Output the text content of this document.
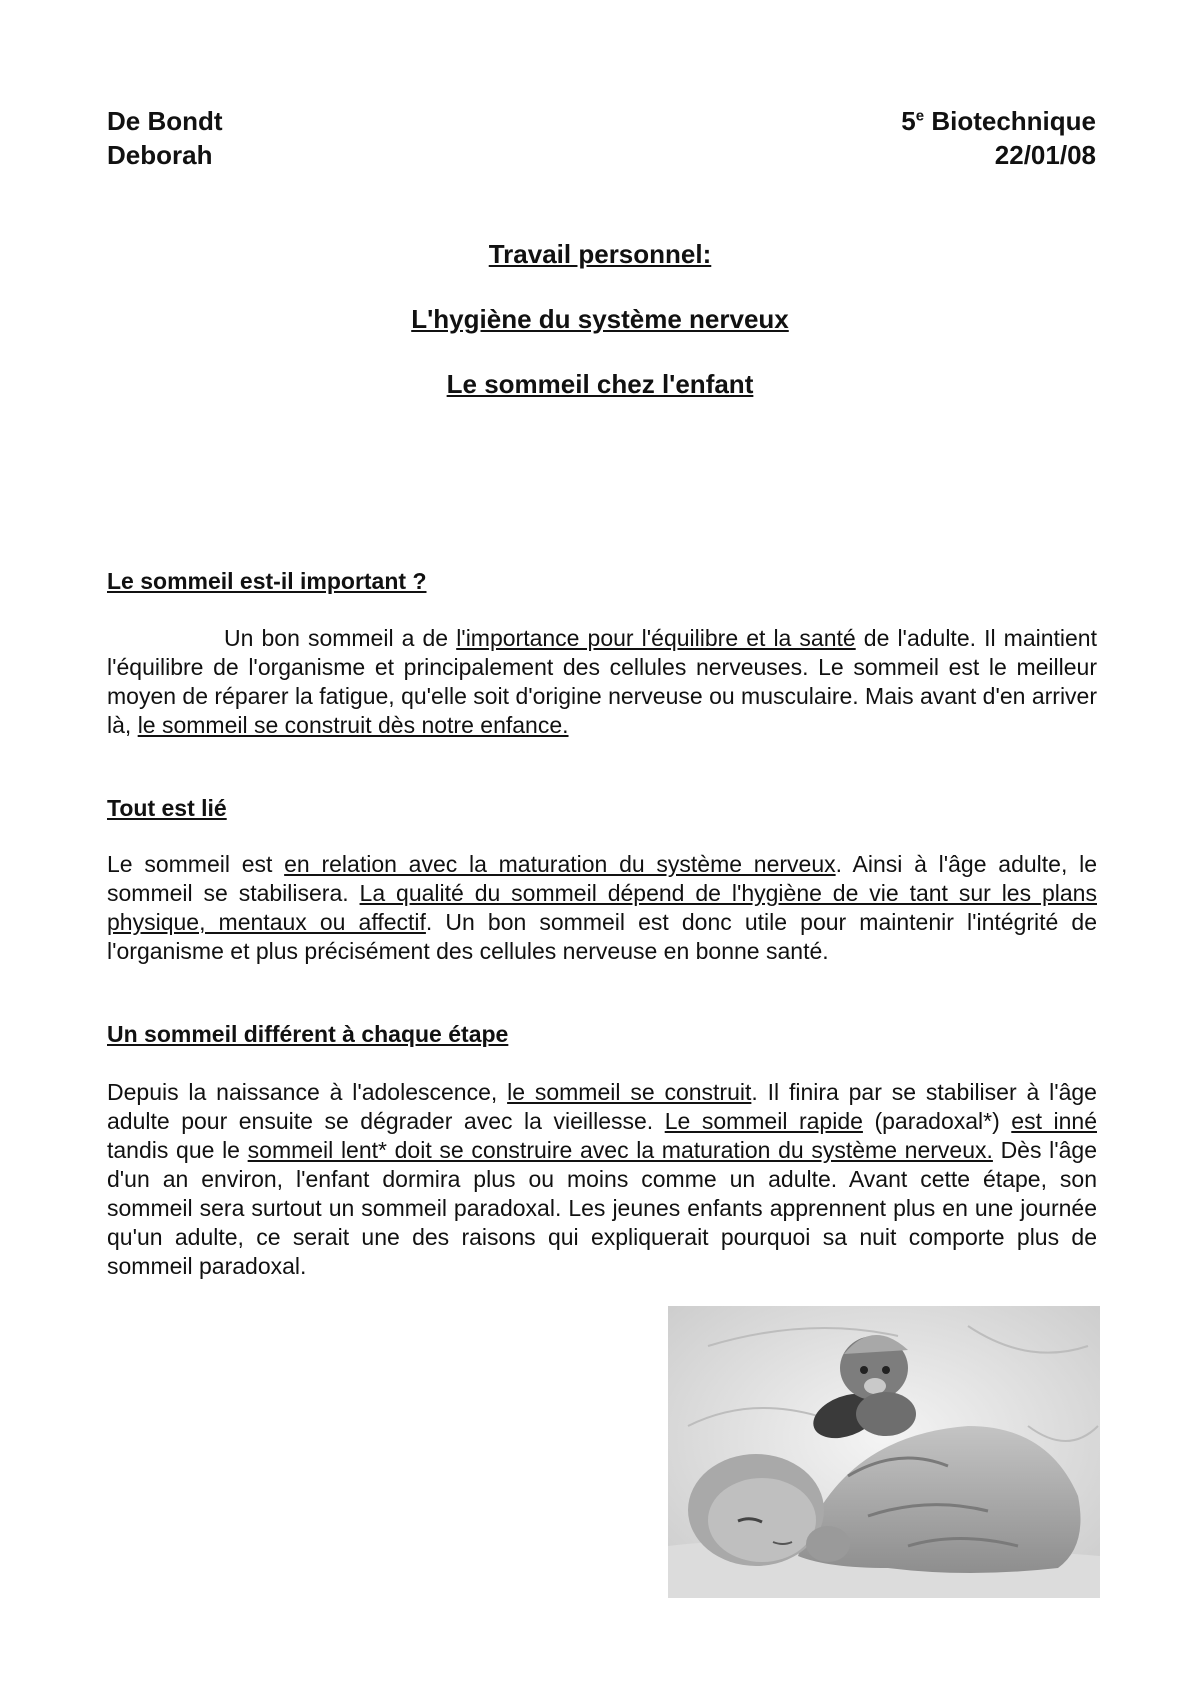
De Bondt
Deborah
5e Biotechnique
22/01/08
Travail personnel:
L'hygiène du système nerveux
Le sommeil chez l'enfant
Le sommeil est-il important ?
Un bon sommeil a de l'importance pour l'équilibre et la santé de l'adulte. Il maintient l'équilibre de l'organisme et principalement des cellules nerveuses. Le sommeil est le meilleur moyen de réparer la fatigue, qu'elle soit d'origine nerveuse ou musculaire. Mais avant d'en arriver là, le sommeil se construit dès notre enfance.
Tout est lié
Le sommeil est en relation avec la maturation du système nerveux. Ainsi à l'âge adulte, le sommeil se stabilisera. La qualité du sommeil dépend de l'hygiène de vie tant sur les plans physique, mentaux ou affectif. Un bon sommeil est donc utile pour maintenir l'intégrité de l'organisme et plus précisément des cellules nerveuse en bonne santé.
Un sommeil différent à chaque étape
Depuis la naissance à l'adolescence, le sommeil se construit. Il finira par se stabiliser à l'âge adulte pour ensuite se dégrader avec la vieillesse. Le sommeil rapide (paradoxal*) est inné tandis que le sommeil lent* doit se construire avec la maturation du système nerveux. Dès l'âge d'un an environ, l'enfant dormira plus ou moins comme un adulte. Avant cette étape, son sommeil sera surtout un sommeil paradoxal. Les jeunes enfants apprennent plus en une journée qu'un adulte, ce serait une des raisons qui expliquerait pourquoi sa nuit comporte plus de sommeil paradoxal.
